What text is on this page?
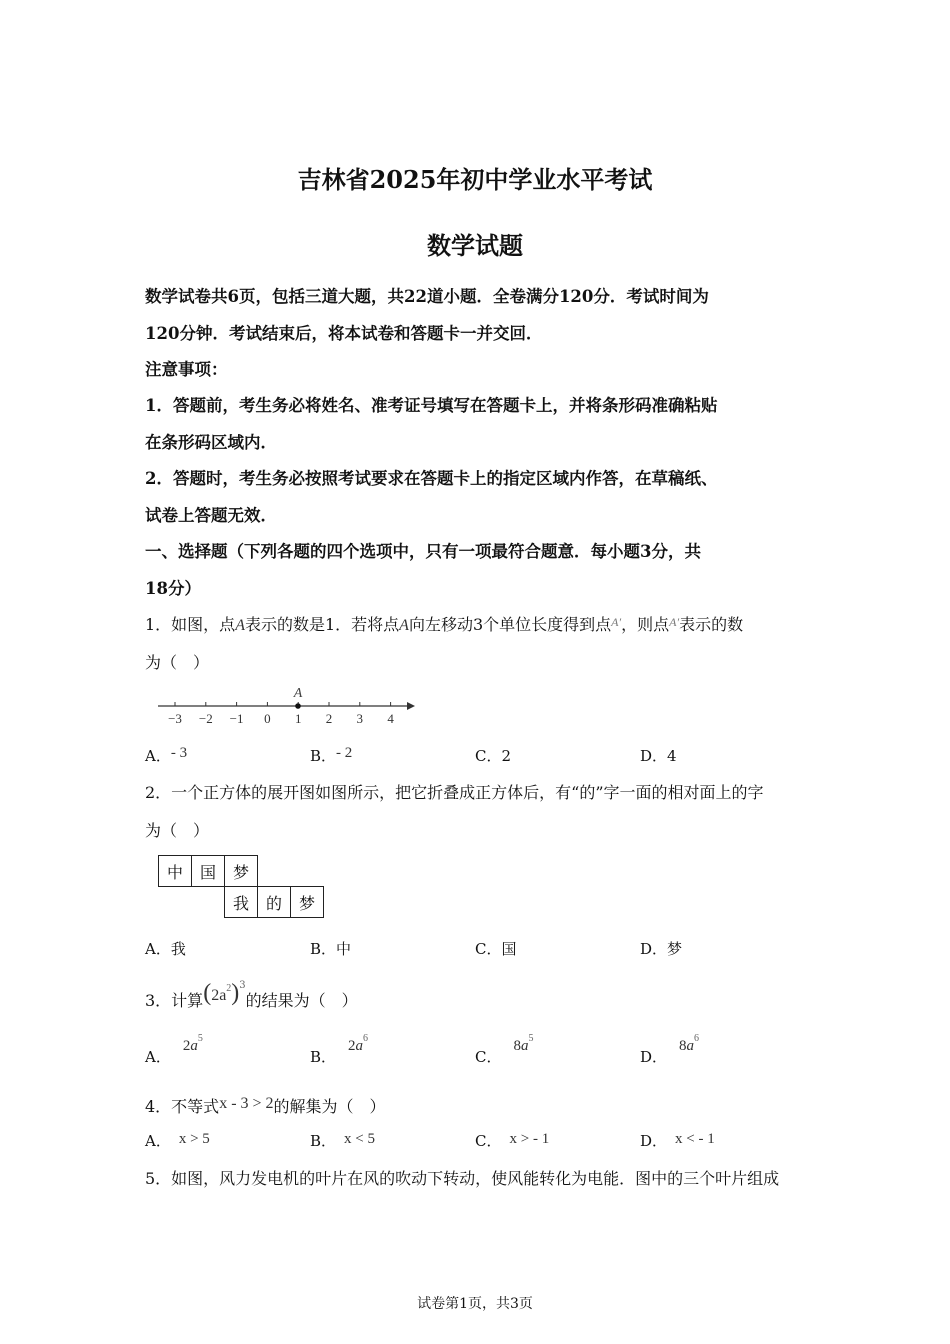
吉林省2025年初中学业水平考试
数学试题
数学试卷共6页，包括三道大题，共22道小题．全卷满分120分．考试时间为
120分钟．考试结束后，将本试卷和答题卡一并交回．
注意事项：
1．答题前，考生务必将姓名、准考证号填写在答题卡上，并将条形码准确粘贴
在条形码区域内．
2．答题时，考生务必按照考试要求在答题卡上的指定区域内作答，在草稿纸、
试卷上答题无效．
一、选择题（下列各题的四个选项中，只有一项最符合题意．每小题3分，共
18分）
1．如图，点A表示的数是1．若将点A向左移动3个单位长度得到点$^{A'}$，则点$^{A'}$表示的数
为（　）
−3 −2 −1 0 1 2 3 4
A
A．- 3	B．- 2	C．2	D．4
2．一个正方体的展开图如图所示，把它折叠成正方体后，有“的”字一面的相对面上的字
为（　）
中	国	梦		
		我	的	梦
A．我	B．中	C．国	D．梦
3．计算$(2a^2)^3$的结果为（　）
A．$2a^5$
B．$2a^6$
C．$8a^5$
D．$8a^6$
4．不等式x - 3 > 2的解集为（　）
A． x > 5	B． x < 5	C． x > - 1	D． x < - 1
5．如图，风力发电机的叶片在风的吹动下转动，使风能转化为电能．图中的三个叶片组成
试卷第1页，共3页
